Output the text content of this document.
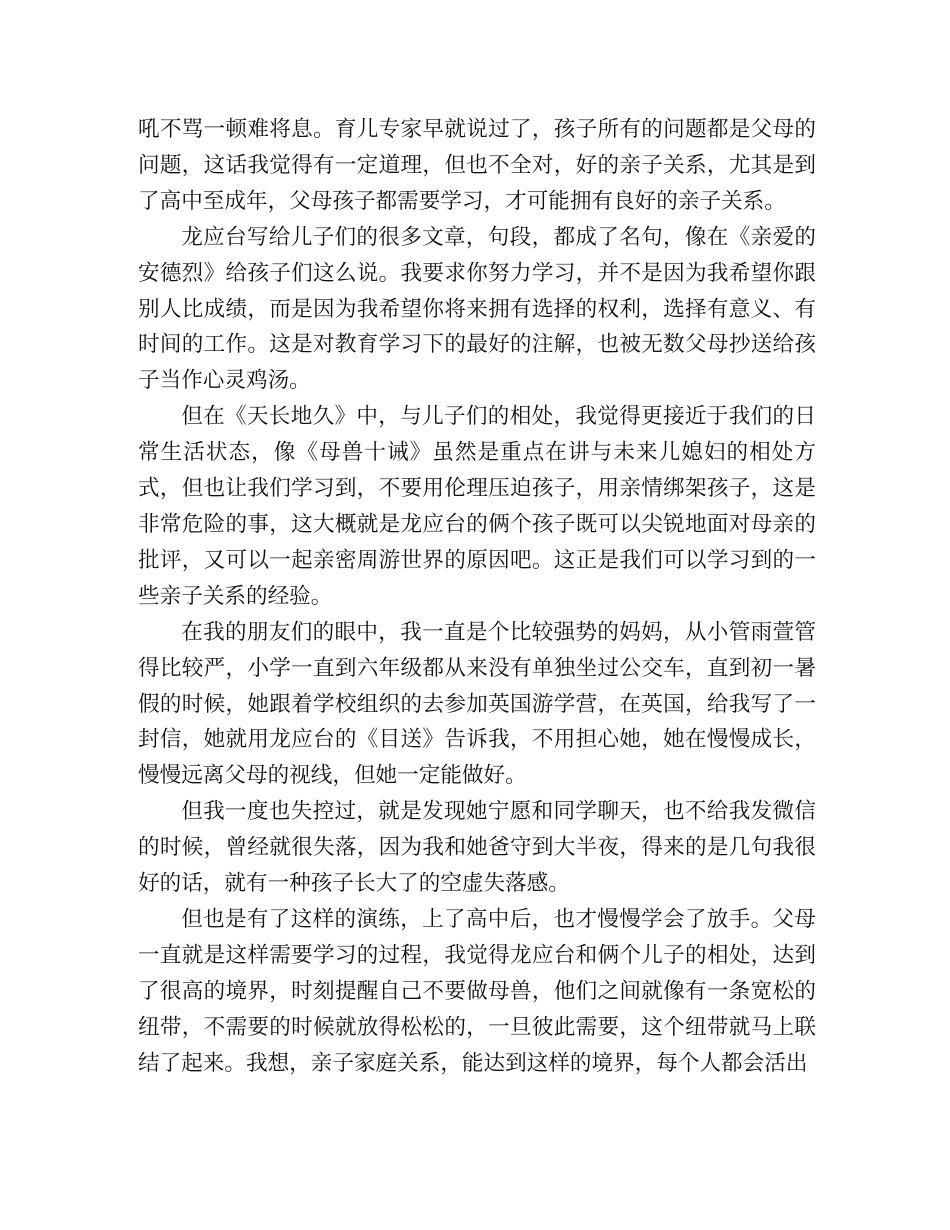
吼不骂一顿难将息。育儿专家早就说过了，孩子所有的问题都是父母的问题，这话我觉得有一定道理，但也不全对，好的亲子关系，尤其是到了高中至成年，父母孩子都需要学习，才可能拥有良好的亲子关系。

龙应台写给儿子们的很多文章，句段，都成了名句，像在《亲爱的安德烈》给孩子们这么说。我要求你努力学习，并不是因为我希望你跟别人比成绩，而是因为我希望你将来拥有选择的权利，选择有意义、有时间的工作。这是对教育学习下的最好的注解，也被无数父母抄送给孩子当作心灵鸡汤。

但在《天长地久》中，与儿子们的相处，我觉得更接近于我们的日常生活状态，像《母兽十诫》虽然是重点在讲与未来儿媳妇的相处方式，但也让我们学习到，不要用伦理压迫孩子，用亲情绑架孩子，这是非常危险的事，这大概就是龙应台的俩个孩子既可以尖锐地面对母亲的批评，又可以一起亲密周游世界的原因吧。这正是我们可以学习到的一些亲子关系的经验。

在我的朋友们的眼中，我一直是个比较强势的妈妈，从小管雨萱管得比较严，小学一直到六年级都从来没有单独坐过公交车，直到初一暑假的时候，她跟着学校组织的去参加英国游学营，在英国，给我写了一封信，她就用龙应台的《目送》告诉我，不用担心她，她在慢慢成长，慢慢远离父母的视线，但她一定能做好。

但我一度也失控过，就是发现她宁愿和同学聊天，也不给我发微信的时候，曾经就很失落，因为我和她爸守到大半夜，得来的是几句我很好的话，就有一种孩子长大了的空虚失落感。

但也是有了这样的演练，上了高中后，也才慢慢学会了放手。父母一直就是这样需要学习的过程，我觉得龙应台和俩个儿子的相处，达到了很高的境界，时刻提醒自己不要做母兽，他们之间就像有一条宽松的纽带，不需要的时候就放得松松的，一旦彼此需要，这个纽带就马上联结了起来。我想，亲子家庭关系，能达到这样的境界，每个人都会活出
